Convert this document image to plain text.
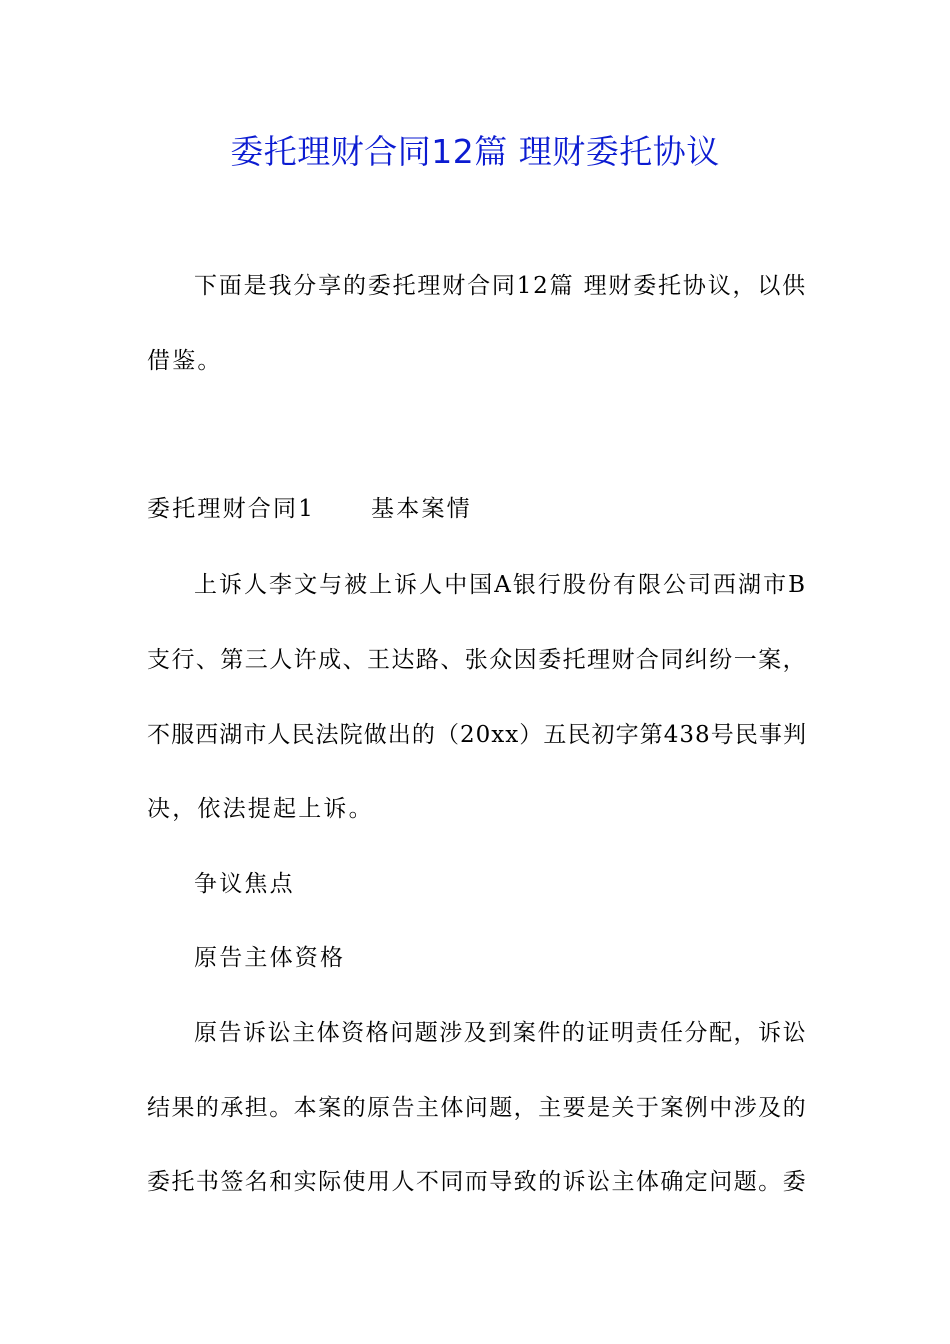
委托理财合同12篇 理财委托协议
下面是我分享的委托理财合同12篇 理财委托协议，以供
借鉴。
委托理财合同1 基本案情
上诉人李文与被上诉人中国A银行股份有限公司西湖市B
支行、第三人许成、王达路、张众因委托理财合同纠纷一案，
不服西湖市人民法院做出的（20xx）五民初字第438号民事判
决，依法提起上诉。
争议焦点
原告主体资格
原告诉讼主体资格问题涉及到案件的证明责任分配，诉讼
结果的承担。本案的原告主体问题，主要是关于案例中涉及的
委托书签名和实际使用人不同而导致的诉讼主体确定问题。委
